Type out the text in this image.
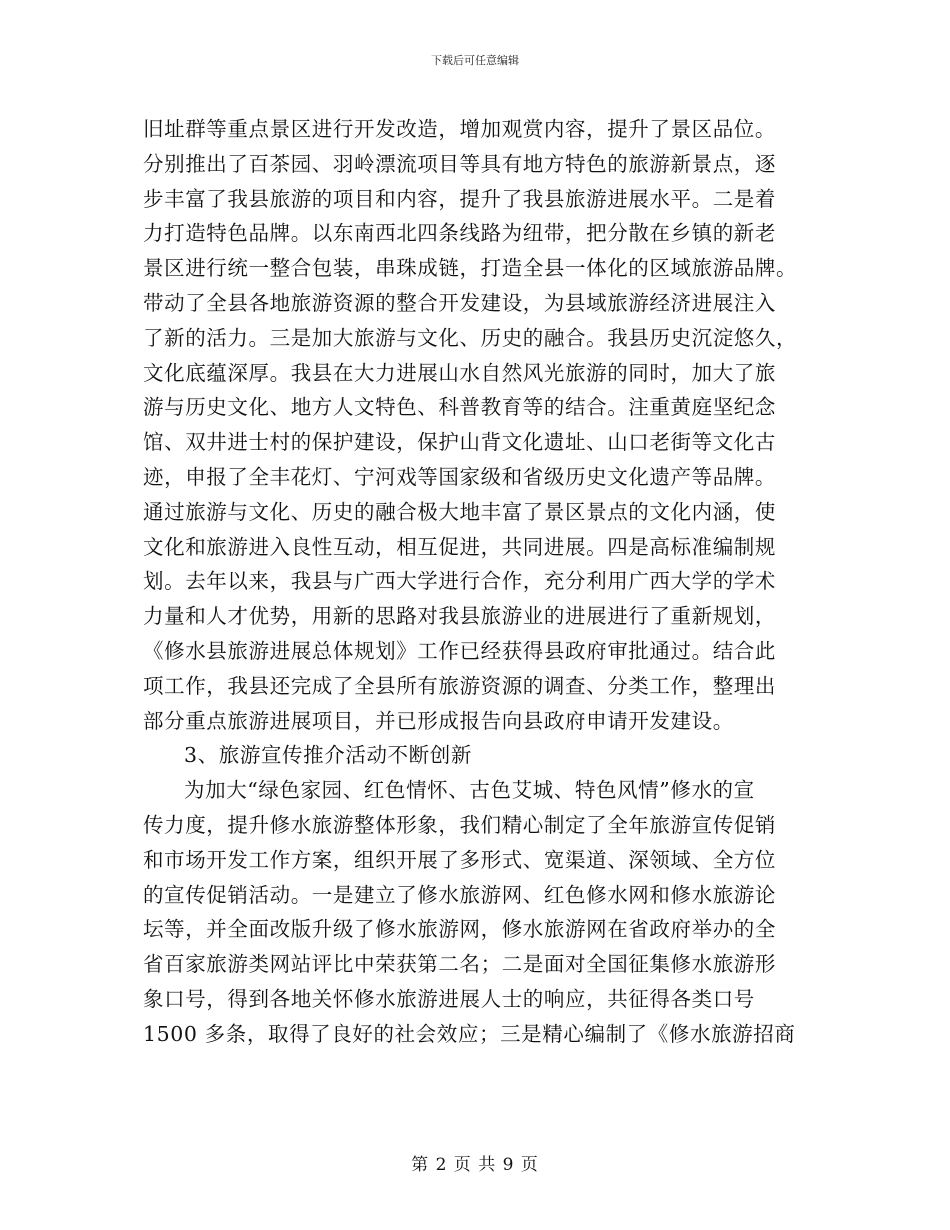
下载后可任意编辑
旧址群等重点景区进行开发改造，增加观赏内容，提升了景区品位。
分别推出了百茶园、羽岭漂流项目等具有地方特色的旅游新景点，逐
步丰富了我县旅游的项目和内容，提升了我县旅游进展水平。二是着
力打造特色品牌。以东南西北四条线路为纽带，把分散在乡镇的新老
景区进行统一整合包装，串珠成链，打造全县一体化的区域旅游品牌。
带动了全县各地旅游资源的整合开发建设，为县域旅游经济进展注入
了新的活力。三是加大旅游与文化、历史的融合。我县历史沉淀悠久，
文化底蕴深厚。我县在大力进展山水自然风光旅游的同时，加大了旅
游与历史文化、地方人文特色、科普教育等的结合。注重黄庭坚纪念
馆、双井进士村的保护建设，保护山背文化遗址、山口老街等文化古
迹，申报了全丰花灯、宁河戏等国家级和省级历史文化遗产等品牌。
通过旅游与文化、历史的融合极大地丰富了景区景点的文化内涵，使
文化和旅游进入良性互动，相互促进，共同进展。四是高标准编制规
划。去年以来，我县与广西大学进行合作，充分利用广西大学的学术
力量和人才优势，用新的思路对我县旅游业的进展进行了重新规划，
《修水县旅游进展总体规划》工作已经获得县政府审批通过。结合此
项工作，我县还完成了全县所有旅游资源的调查、分类工作，整理出
部分重点旅游进展项目，并已形成报告向县政府申请开发建设。
3、旅游宣传推介活动不断创新
为加大“绿色家园、红色情怀、古色艾城、特色风情”修水的宣
传力度，提升修水旅游整体形象，我们精心制定了全年旅游宣传促销
和市场开发工作方案，组织开展了多形式、宽渠道、深领域、全方位
的宣传促销活动。一是建立了修水旅游网、红色修水网和修水旅游论
坛等，并全面改版升级了修水旅游网，修水旅游网在省政府举办的全
省百家旅游类网站评比中荣获第二名；二是面对全国征集修水旅游形
象口号，得到各地关怀修水旅游进展人士的响应，共征得各类口号
1500 多条，取得了良好的社会效应；三是精心编制了《修水旅游招商
第 2 页 共 9 页
